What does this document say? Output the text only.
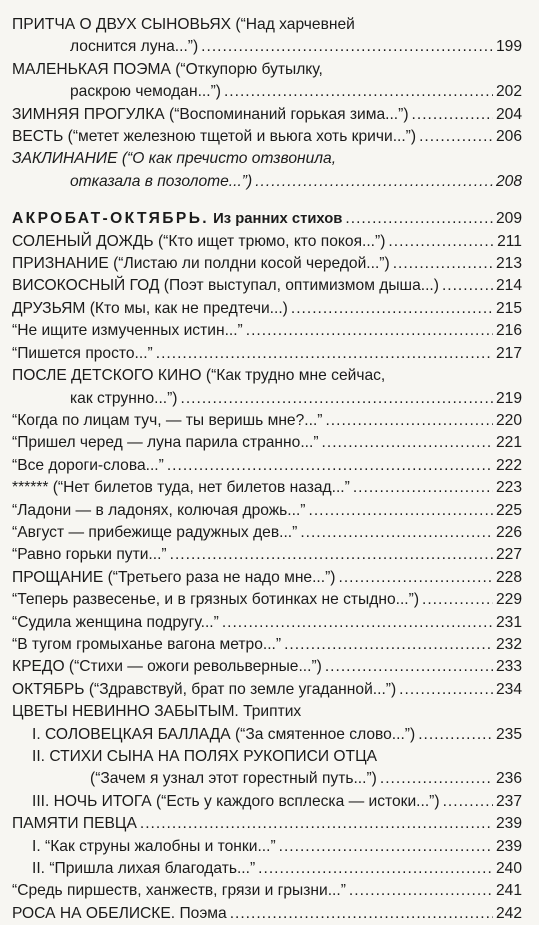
ПРИТЧА О ДВУХ СЫНОВЬЯХ (“Над харчевней
лоснится луна...”) .....	199
МАЛЕНЬКАЯ ПОЭМА (“Откупорю бутылку,
раскрою чемодан...”) .....	202
ЗИМНЯЯ ПРОГУЛКА (“Воспоминаний горькая зима...”) .....	204
ВЕСТЬ (“метет железною тщетой и вьюга хоть кричи...”) .....	206
ЗАКЛИНАНИЕ (“О как пречисто отзвонила,
отказала в позолоте...”) .....	208
АКРОБАТ-ОКТЯБРЬ. Из ранних стихов .....	209
СОЛЕНЫЙ ДОЖДЬ (“Кто ищет трюмо, кто покоя...”) .....	211
ПРИЗНАНИЕ (“Листаю ли полдни косой чередой...”) .....	213
ВИСОКОСНЫЙ ГОД (Поэт выступал, оптимизмом дыша...) .....	214
ДРУЗЬЯМ (Кто мы, как не предтечи...) .....	215
“Не ищите измученных истин...” .....	216
“Пишется просто...” .....	217
ПОСЛЕ ДЕТСКОГО КИНО (“Как трудно мне сейчас,
как струнно...”) .....	219
“Когда по лицам туч, — ты веришь мне?...” .....	220
“Пришел черед — луна парила странно...” .....	221
“Все дороги-слова...” .....	222
****** (“Нет билетов туда, нет билетов назад...” .....	223
“Ладони — в ладонях, колючая дрожь...” .....	225
“Август — прибежище радужных дев...” .....	226
“Равно горьки пути...” .....	227
ПРОЩАНИЕ (“Третьего раза не надо мне...”) .....	228
“Теперь развесенье, и в грязных ботинках не стыдно...”) .....	229
“Судила женщина подругу...” .....	231
“В тугом громыханье вагона метро...” .....	232
КРЕДО (“Стихи — ожоги револьверные...”) .....	233
ОКТЯБРЬ (“Здравствуй, брат по земле угаданной...”) .....	234
ЦВЕТЫ НЕВИННО ЗАБЫТЫМ. Триптих
I. СОЛОВЕЦКАЯ БАЛЛАДА (“За смятенное слово...”) .....	235
II. СТИХИ СЫНА НА ПОЛЯХ РУКОПИСИ ОТЦА
(“Зачем я узнал этот горестный путь...”) .....	236
III. НОЧЬ ИТОГА (“Есть у каждого всплеска — истоки...”) .....	237
ПАМЯТИ ПЕВЦА .....	239
I. “Как струны жалобны и тонки...” .....	239
II. “Пришла лихая благодать...” .....	240
“Средь пиршеств, ханжеств, грязи и грызни...” .....	241
РОСА НА ОБЕЛИСКЕ. Поэма .....	242
